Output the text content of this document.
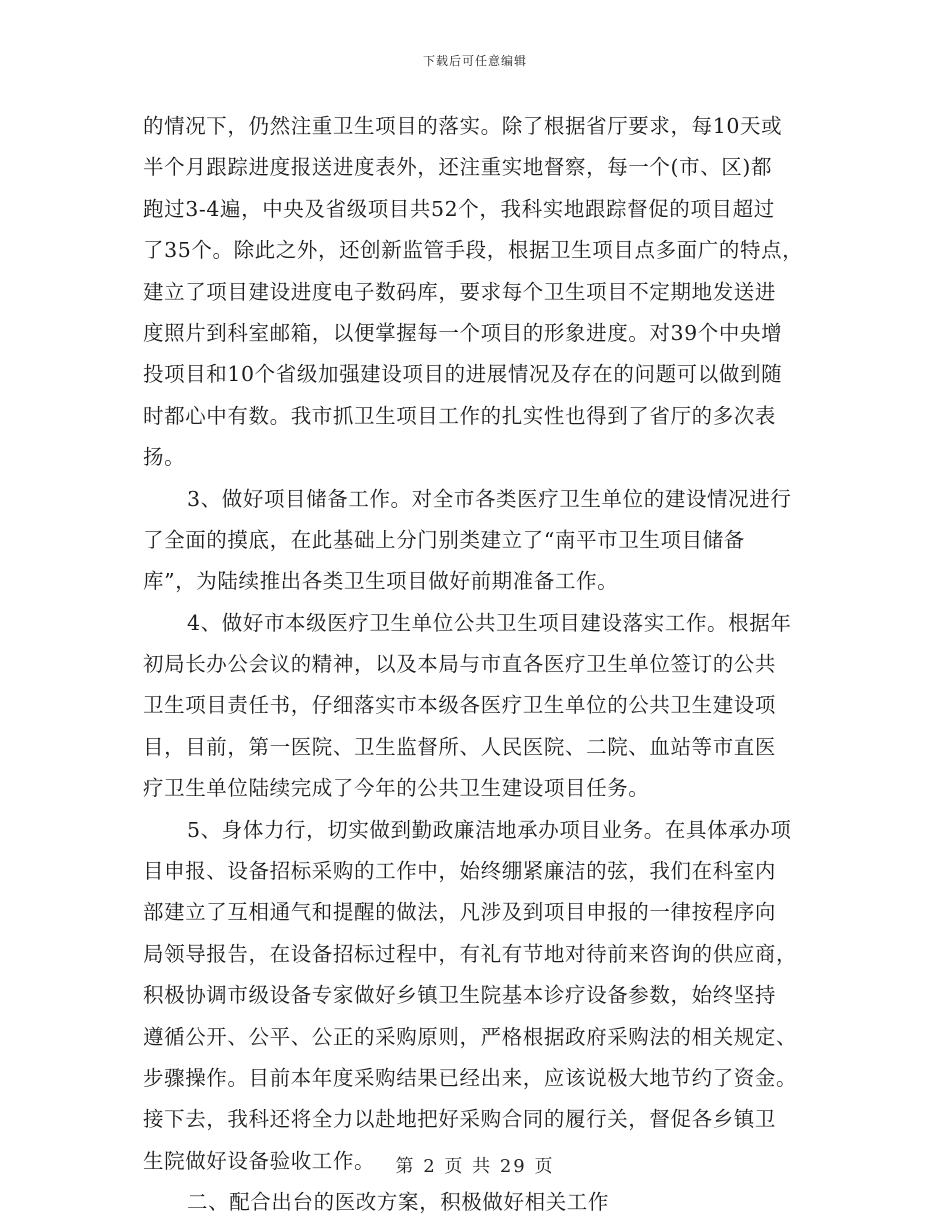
下载后可任意编辑
的情况下，仍然注重卫生项目的落实。除了根据省厅要求，每10天或
半个月跟踪进度报送进度表外，还注重实地督察，每一个(市、区)都
跑过3-4遍，中央及省级项目共52个，我科实地跟踪督促的项目超过
了35个。除此之外，还创新监管手段，根据卫生项目点多面广的特点，
建立了项目建设进度电子数码库，要求每个卫生项目不定期地发送进
度照片到科室邮箱，以便掌握每一个项目的形象进度。对39个中央增
投项目和10个省级加强建设项目的进展情况及存在的问题可以做到随
时都心中有数。我市抓卫生项目工作的扎实性也得到了省厅的多次表
扬。
3、做好项目储备工作。对全市各类医疗卫生单位的建设情况进行
了全面的摸底，在此基础上分门别类建立了“南平市卫生项目储备
库”，为陆续推出各类卫生项目做好前期准备工作。
4、做好市本级医疗卫生单位公共卫生项目建设落实工作。根据年
初局长办公会议的精神，以及本局与市直各医疗卫生单位签订的公共
卫生项目责任书，仔细落实市本级各医疗卫生单位的公共卫生建设项
目，目前，第一医院、卫生监督所、人民医院、二院、血站等市直医
疗卫生单位陆续完成了今年的公共卫生建设项目任务。
5、身体力行，切实做到勤政廉洁地承办项目业务。在具体承办项
目申报、设备招标采购的工作中，始终绷紧廉洁的弦，我们在科室内
部建立了互相通气和提醒的做法，凡涉及到项目申报的一律按程序向
局领导报告，在设备招标过程中，有礼有节地对待前来咨询的供应商，
积极协调市级设备专家做好乡镇卫生院基本诊疗设备参数，始终坚持
遵循公开、公平、公正的采购原则，严格根据政府采购法的相关规定、
步骤操作。目前本年度采购结果已经出来，应该说极大地节约了资金。
接下去，我科还将全力以赴地把好采购合同的履行关，督促各乡镇卫
生院做好设备验收工作。
二、配合出台的医改方案，积极做好相关工作
第 2 页 共 29 页
